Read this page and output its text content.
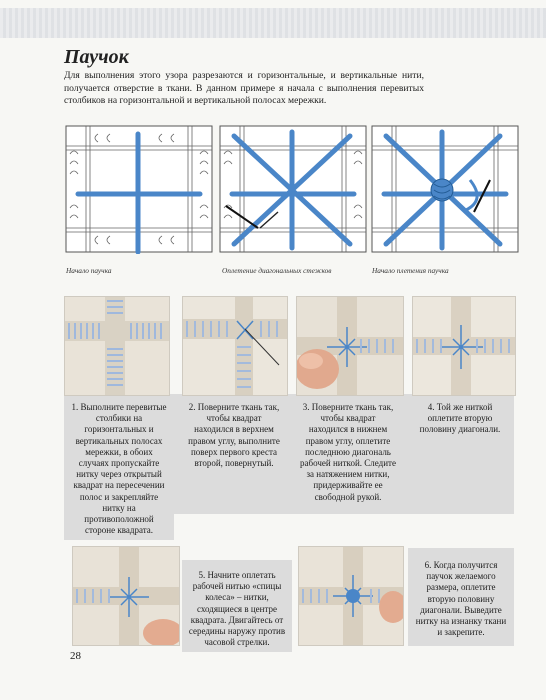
Паучок

Для выполнения этого узора разрезаются и горизонтальные, и вертикальные нити, получается отверстие в ткани. В данном примере я начала с выполнения перевитых столбиков на горизонтальной и вертикальной полосах мережки.

Начало паучка	Оплетение диагональных стежков	Начало плетения паучка

1. Выполните перевитые столбики на горизонтальных и вертикальных полосах мережки, в обоих случаях пропускайте нитку через открытый квадрат на пересечении полос и закрепляйте нитку на противоположной стороне квадрата.

2. Поверните ткань так, чтобы квадрат находился в верхнем правом углу, выполните поверх первого креста второй, повернутый.

3. Поверните ткань так, чтобы квадрат находился в нижнем правом углу, оплетите последнюю диагональ рабочей ниткой. Следите за натяжением нитки, придерживайте ее свободной рукой.

4. Той же ниткой оплетите вторую половину диагонали.

5. Начните оплетать рабочей нитью «спицы колеса» – нитки, сходящиеся в центре квадрата. Двигайтесь от середины наружу против часовой стрелки.

6. Когда получится паучок желаемого размера, оплетите вторую половину диагонали. Выведите нитку на изнанку ткани и закрепите.

28
